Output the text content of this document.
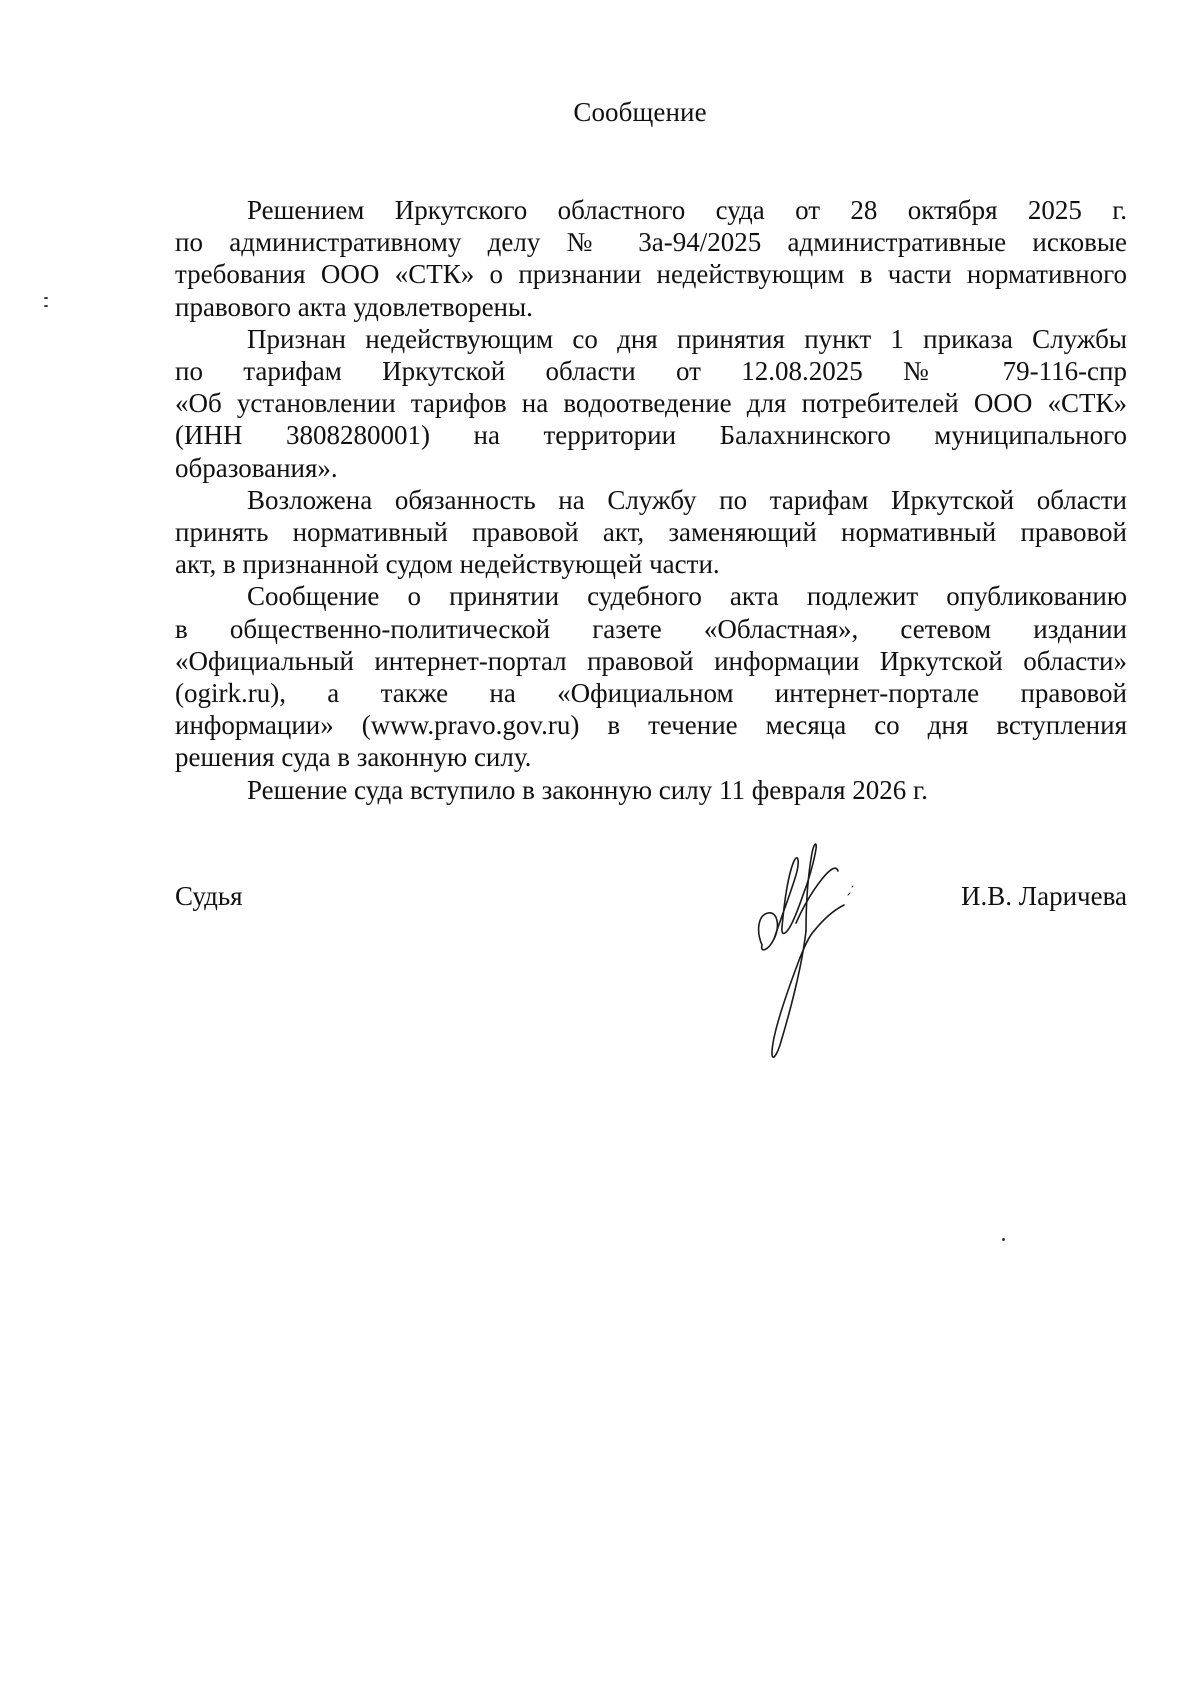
Сообщение

Решением Иркутского областного суда от 28 октября 2025 г.
по административному делу № 3а-94/2025 административные исковые
требования ООО «СТК» о признании недействующим в части нормативного
правового акта удовлетворены.

Признан недействующим со дня принятия пункт 1 приказа Службы
по тарифам Иркутской области от 12.08.2025 № 79-116-спр
«Об установлении тарифов на водоотведение для потребителей ООО «СТК»
(ИНН 3808280001) на территории Балахнинского муниципального
образования».

Возложена обязанность на Службу по тарифам Иркутской области
принять нормативный правовой акт, заменяющий нормативный правовой
акт, в признанной судом недействующей части.

Сообщение о принятии судебного акта подлежит опубликованию
в общественно-политической газете «Областная», сетевом издании
«Официальный интернет-портал правовой информации Иркутской области»
(ogirk.ru), а также на «Официальном интернет-портале правовой
информации» (www.pravo.gov.ru) в течение месяца со дня вступления
решения суда в законную силу.

Решение суда вступило в законную силу 11 февраля 2026 г.

Судья	И.В. Ларичева
